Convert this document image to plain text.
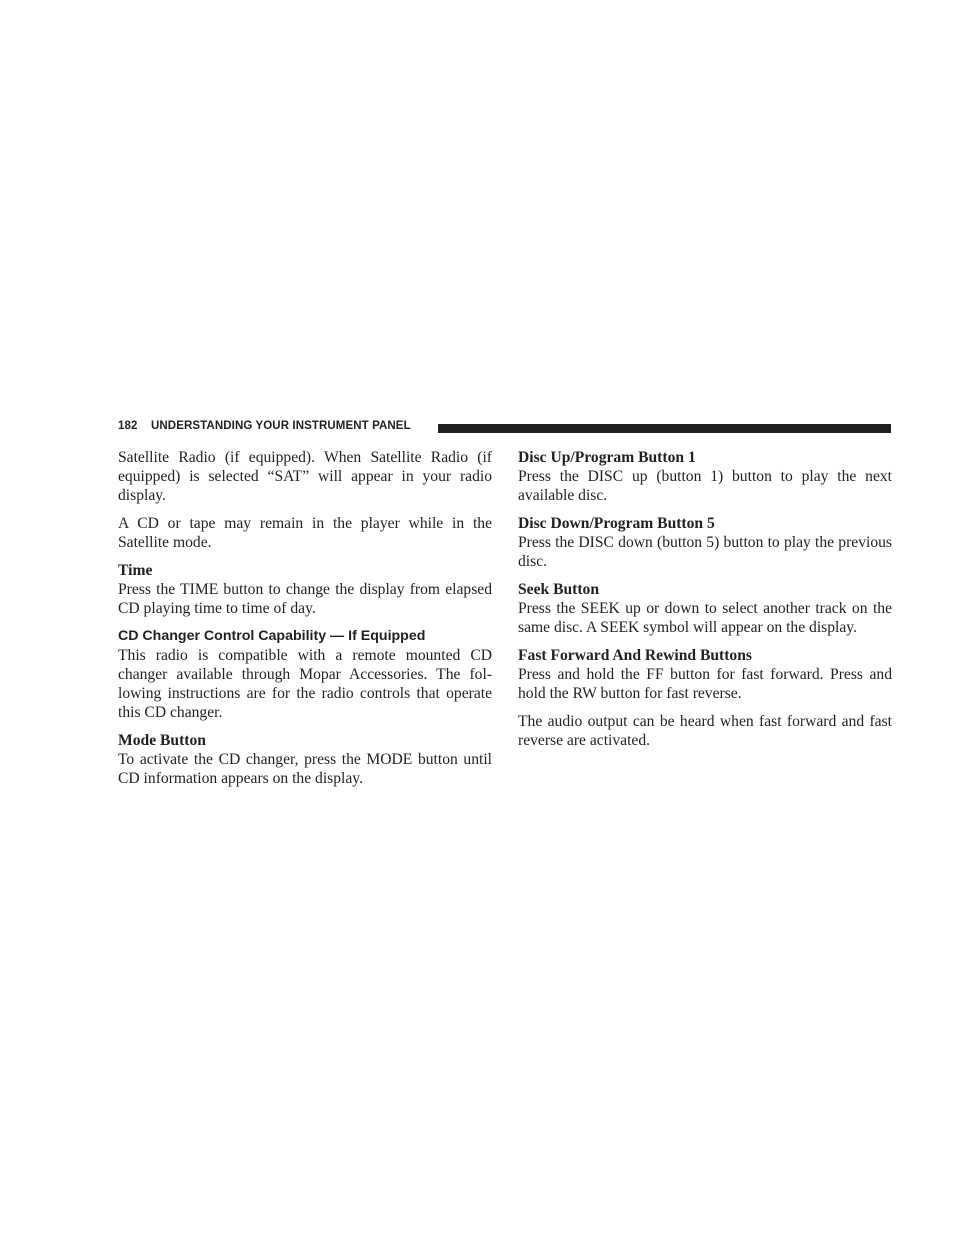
182 UNDERSTANDING YOUR INSTRUMENT PANEL

Satellite Radio (if equipped). When Satellite Radio (if equipped) is selected “SAT” will appear in your radio display.

A CD or tape may remain in the player while in the Satellite mode.

Time

Press the TIME button to change the display from elapsed CD playing time to time of day.

CD Changer Control Capability — If Equipped

This radio is compatible with a remote mounted CD changer available through Mopar Accessories. The following instructions are for the radio controls that operate this CD changer.

Mode Button

To activate the CD changer, press the MODE button until CD information appears on the display.

Disc Up/Program Button 1

Press the DISC up (button 1) button to play the next available disc.

Disc Down/Program Button 5

Press the DISC down (button 5) button to play the previous disc.

Seek Button

Press the SEEK up or down to select another track on the same disc. A SEEK symbol will appear on the display.

Fast Forward And Rewind Buttons

Press and hold the FF button for fast forward. Press and hold the RW button for fast reverse.

The audio output can be heard when fast forward and fast reverse are activated.
